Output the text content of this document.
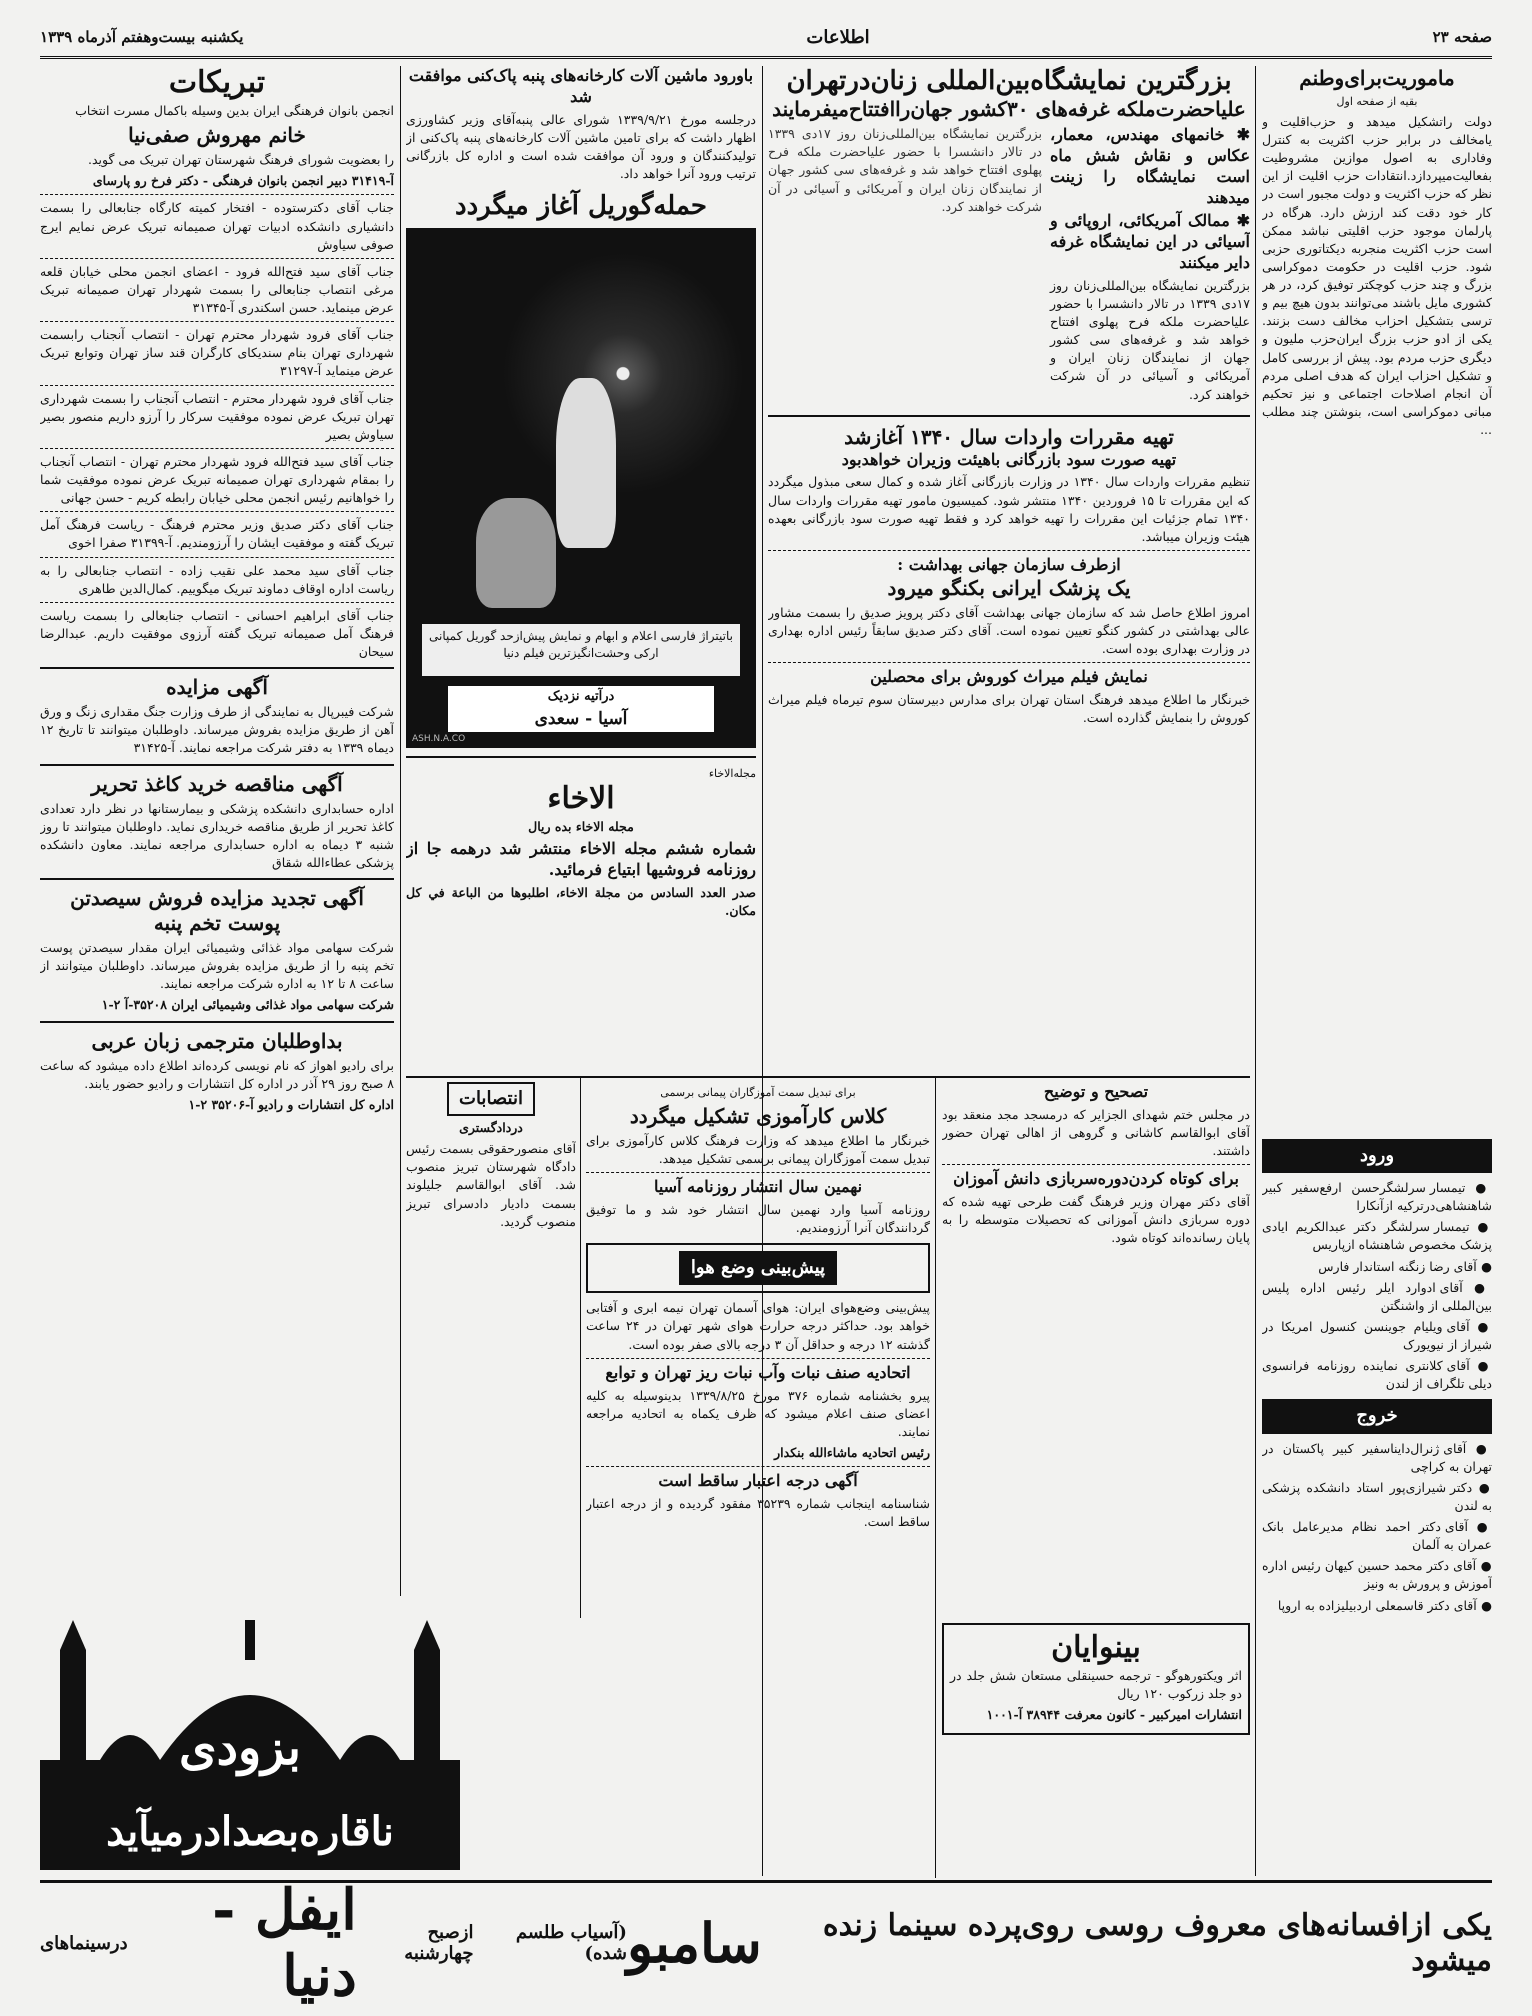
صفحه ۲۳
اطلاعات
یکشنبه بیست‌وهفتم آذرماه ۱۳۳۹
ماموریت‌برای‌وطنم

بقیه از صفحه اول

دولت راتشکیل میدهد و حزب‌اقلیت و یامخالف در برابر حزب اکثریت به کنترل وفاداری به اصول موازین مشروطیت بفعالیت‌میپردازد.انتقادات حزب اقلیت از این نظر که حزب اکثریت و دولت مجبور است در کار خود دقت کند ارزش دارد. هرگاه در پارلمان موجود حزب اقلیتی نباشد ممکن است حزب اکثریت منجربه دیکتاتوری حزبی شود. حزب اقلیت در حکومت دموکراسی بزرگ و چند حزب کوچکتر توفیق کرد، در هر کشوری مایل باشند می‌توانند بدون هیچ بیم و ترسی بتشکیل احزاب مخالف دست بزنند. یکی از ادو حزب بزرگ ایران‌حزب ملیون و دیگری حزب مردم بود. پیش از بررسی کامل و تشکیل احزاب ایران که هدف اصلی مردم آن انجام اصلاحات اجتماعی و نیز تحکیم مبانی دموکراسی است، بنوشتن چند مطلب ...

ورود

● تیمسار سرلشگرحسن ارفع‌سفیر کبیر شاهنشاهی‌در‌ترکیه ازآنکارا

● تیمسار سرلشگر دکتر عبدالکریم ایادی پزشک مخصوص شاهنشاه ازپاریس

● آقای رضا زنگنه استاندار فارس

● آقای ادوارد ایلر رئیس اداره پلیس بین‌المللی از واشنگتن

● آقای ویلیام جوینسن کنسول امریکا در شیراز از نیویورک

● آقای کلانتری نماینده روزنامه فرانسوی دیلی تلگراف از لندن

خروج

● آقای ژنرال‌دایناسفیر کبیر پاکستان در تهران به کراچی

● دکتر شیرازی‌پور استاد دانشکده پزشکی به لندن

● آقای دکتر احمد نظام مدیرعامل بانک عمران به آلمان

● آقای دکتر محمد حسین کیهان رئیس اداره آموزش و پرورش به ونیز

● آقای دکتر قاسمعلی اردبیلیزاده به اروپا

بزرگترین نمایشگاه‌بین‌المللی زنان‌درتهران
علیاحضرت‌ملکه غرفه‌های ۳۰کشور جهان‌راافتتاح‌میفرمایند

✱ خانمهای مهندس، معمار، عکاس و نقاش شش ماه است نمایشگاه را زینت میدهند

✱ ممالک آمریکائی، اروپائی و آسیائی در این نمایشگاه غرفه دایر میکنند

بزرگترین نمایشگاه بین‌المللی‌زنان روز ۱۷دی ۱۳۳۹ در تالار دانشسرا با حضور علیاحضرت ملکه فرح پهلوی افتتاح خواهد شد و غرفه‌های سی کشور جهان از نمایندگان زنان ایران و آمریکائی و آسیائی در آن شرکت خواهند کرد.

بزرگترین نمایشگاه بین‌المللی‌زنان روز ۱۷دی ۱۳۳۹ در تالار دانشسرا با حضور علیاحضرت ملکه فرح پهلوی افتتاح خواهد شد و غرفه‌های سی کشور جهان از نمایندگان زنان ایران و آمریکائی و آسیائی در آن شرکت خواهند کرد.

تهیه مقررات واردات سال ۱۳۴۰ آغازشد
تهیه صورت سود بازرگانی باهیئت وزیران خواهدبود

تنظیم مقررات واردات سال ۱۳۴۰ در وزارت بازرگانی آغاز شده و کمال سعی مبذول میگردد که این مقررات تا ۱۵ فروردین ۱۳۴۰ منتشر شود. کمیسیون مامور تهیه مقررات واردات سال ۱۳۴۰ تمام جزئیات این مقررات را تهیه خواهد کرد و فقط تهیه صورت سود بازرگانی بعهده هیئت وزیران میباشد.

ازطرف سازمان جهانی بهداشت :
یک پزشک ایرانی بکنگو میرود

امروز اطلاع حاصل شد که سازمان جهانی بهداشت آقای دکتر پرویز صدیق را بسمت مشاور عالی بهداشتی در کشور کنگو تعیین نموده است. آقای دکتر صدیق سابقاً رئیس اداره بهداری در وزارت بهداری بوده است.

نمایش فیلم میراث کوروش برای محصلین

خبرنگار ما اطلاع میدهد فرهنگ استان تهران برای مدارس دبیرستان سوم تیرماه فیلم میراث کوروش را بنمایش گذارده است.

باورود ماشین آلات کارخانه‌های پنبه‌ پاک‌کنی موافقت شد

درجلسه مورخ ۱۳۳۹/۹/۲۱ شورای عالی پنبه‌آقای وزیر کشاورزی اظهار داشت که برای تامین ماشین آلات کارخانه‌های پنبه پاک‌کنی از تولیدکنندگان و ورود آن موافقت شده است و اداره کل بازرگانی ترتیب ورود آنرا خواهد داد.

حمله‌گوریل آغاز میگردد
باتیتراژ فارسی اعلام و ابهام و نمایش پیش‌ازحد گوریل کمپانی ارکی وحشت‌انگیزترین فیلم دنیا
درآتیه نزدیک
آسیا - سعدی
ASH.N.A.CO
مجله‌الاخاء
الاخاء

مجله الاخاء بده ریال

شماره ششم مجله الاخاء منتشر شد درهمه جا از روزنامه فروشیها ابتیاع فرمائید.

صدر العدد السادس من مجلة الاخاء، اطلبوها من الباعة في كل مكان.

تصحیح و توضیح

در مجلس ختم شهدای الجزایر که درمسجد مجد منعقد بود آقای ابوالقاسم کاشانی و گروهی از اهالی تهران حضور داشتند.

برای کوتاه کردن‌دوره‌سربازی دانش آموزان

آقای دکتر مهران وزیر فرهنگ گفت طرحی تهیه شده که دوره سربازی دانش آموزانی که تحصیلات متوسطه را به پایان رسانده‌اند کوتاه شود.

بینوایان

اثر ویکتورهوگو - ترجمه حسینقلی مستعان شش جلد در دو جلد زرکوب ۱۲۰ ریال

انتشارات امیرکبیر - کانون معرفت ۳۸۹۴۴ آ-۱۰۰۱

برای تبدیل سمت آموزگاران پیمانی برسمی

کلاس کارآموزی تشکیل میگردد

خبرنگار ما اطلاع میدهد که وزارت فرهنگ کلاس کارآموزی برای تبدیل سمت آموزگاران پیمانی برسمی تشکیل میدهد.

نهمین سال انتشار روزنامه آسیا

روزنامه آسیا وارد نهمین سال انتشار خود شد و ما توفیق گردانندگان آنرا آرزومندیم.

پیش‌بینی وضع هوا

پیش‌بینی وضع‌هوای ایران: هوای آسمان تهران نیمه ابری و آفتابی خواهد بود. حداکثر درجه حرارت هوای شهر تهران در ۲۴ ساعت گذشته ۱۲ درجه و حداقل آن ۳ درجه بالای صفر بوده است.

اتحادیه صنف نبات وآب نبات ریز تهران و توابع

پیرو بخشنامه شماره ۳۷۶ مورخ ۱۳۳۹/۸/۲۵ بدینوسیله به کلیه اعضای صنف اعلام میشود که ظرف یکماه به اتحادیه مراجعه نمایند.

رئیس اتحادیه ماشاءالله بنکدار

آگهی درجه اعتبار ساقط است

شناسنامه اینجانب شماره ۳۵۲۳۹ مفقود گردیده و از درجه اعتبار ساقط است.

انتصابات

دردادگستری

آقای منصورحقوقی بسمت رئیس دادگاه شهرستان تبریز منصوب شد. آقای ابوالقاسم جلیلوند بسمت دادیار دادسرای تبریز منصوب گردید.

تبریکات

انجمن بانوان فرهنگی ایران بدین وسیله باکمال مسرت انتخاب

خانم مهروش صفی‌نیا

را بعضویت شورای فرهنگ شهرستان تهران تبریک می گوید.

آ-۳۱۴۱۹ دبیر انجمن بانوان فرهنگی - دکتر فرخ رو پارسای

جناب آقای دکترستوده - افتخار کمیته کارگاه جنابعالی را بسمت دانشیاری دانشکده ادبیات تهران صمیمانه تبریک عرض نمایم ایرج صوفی سیاوش

جناب آقای سید فتح‌الله فرود - اعضای انجمن محلی خیابان قلعه مرغی انتصاب جنابعالی را بسمت شهردار تهران صمیمانه تبریک عرض مینماید. حسن اسکندری آ-۳۱۳۴۵

جناب آقای فرود شهردار محترم تهران - انتصاب آنجناب رابسمت شهرداری تهران بنام سندیکای کارگران قند ساز تهران وتوابع تبریک عرض مینماید آ-۳۱۲۹۷

جناب آقای فرود شهردار محترم - انتصاب آنجناب را بسمت شهرداری تهران تبریک عرض نموده موفقیت سرکار را آرزو داریم منصور بصیر سیاوش بصیر

جناب آقای سید فتح‌الله فرود شهردار محترم تهران - انتصاب آنجناب را بمقام شهرداری تهران صمیمانه تبریک عرض نموده موفقیت شما را خواهانیم رئیس انجمن محلی خیابان رابطه کریم - حسن جهانی

جناب آقای دکتر صدیق وزیر محترم فرهنگ - ریاست فرهنگ آمل تبریک گفته و موفقیت ایشان را آرزومندیم. آ-۳۱۳۹۹ صفرا اخوی

جناب آقای سید محمد علی نقیب زاده - انتصاب جنابعالی را به ریاست اداره اوقاف دماوند تبریک میگوییم. کمال‌الدین طاهری

جناب آقای ابراهیم احسانی - انتصاب جنابعالی را بسمت ریاست فرهنگ آمل صمیمانه تبریک گفته آرزوی موفقیت داریم. عبدالرضا سیحان

آگهی مزایده

شرکت فیبرپال به نمایندگی از طرف وزارت جنگ مقداری زنگ و ورق آهن از طریق مزایده بفروش میرساند. داوطلبان میتوانند تا تاریخ ۱۲ دیماه ۱۳۳۹ به دفتر شرکت مراجعه نمایند. آ-۳۱۴۲۵

آگهی مناقصه خرید کاغذ تحریر

اداره حسابداری دانشکده پزشکی و بیمارستانها در نظر دارد تعدادی کاغذ تحریر از طریق مناقصه خریداری نماید. داوطلبان میتوانند تا روز شنبه ۳ دیماه به اداره حسابداری مراجعه نمایند. معاون دانشکده پزشکی عطاءالله شقاق

آگهی تجدید مزایده فروش سیصدتن
پوست تخم پنبه

شرکت سهامی مواد غذائی وشیمیائی ایران مقدار سیصدتن پوست تخم پنبه را از طریق مزایده بفروش میرساند. داوطلبان میتوانند از ساعت ۸ تا ۱۲ به اداره شرکت مراجعه نمایند.

شرکت سهامی مواد غذائی وشیمیائی ایران ۳۵۲۰۸-آ ۲-۱

بداوطلبان مترجمی زبان عربی

برای رادیو اهواز که نام نویسی کرده‌اند اطلاع داده میشود که ساعت ۸ صبح روز ۲۹ آذر در اداره کل انتشارات و رادیو حضور یابند.

اداره کل انتشارات و رادیو آ-۳۵۲۰۶ ۲-۱

بزودی
ناقاره‌بصدادرمیآید
یکی ازافسانه‌های معروف روسی روی‌پرده سینما زنده میشود
سامبو
(آسیاب طلسم شده)
ازصبح چهارشنبه
ایفل - دنیا
درسینماهای
